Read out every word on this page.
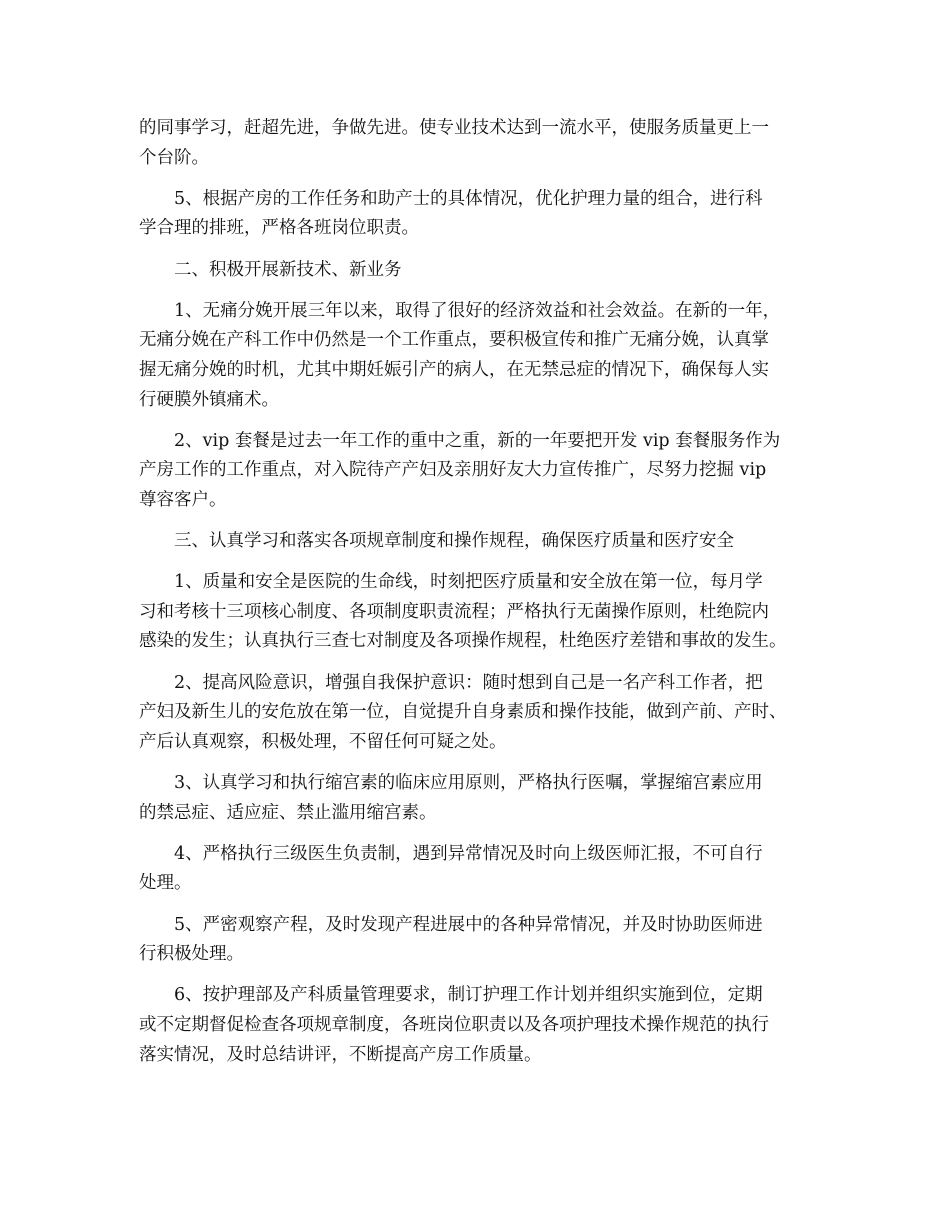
的同事学习，赶超先进，争做先进。使专业技术达到一流水平，使服务质量更上一
个台阶。
5、根据产房的工作任务和助产士的具体情况，优化护理力量的组合，进行科
学合理的排班，严格各班岗位职责。
二、积极开展新技术、新业务
1、无痛分娩开展三年以来，取得了很好的经济效益和社会效益。在新的一年，
无痛分娩在产科工作中仍然是一个工作重点，要积极宣传和推广无痛分娩，认真掌
握无痛分娩的时机，尤其中期妊娠引产的病人，在无禁忌症的情况下，确保每人实
行硬膜外镇痛术。
2、vip 套餐是过去一年工作的重中之重，新的一年要把开发 vip 套餐服务作为
产房工作的工作重点，对入院待产产妇及亲朋好友大力宣传推广，尽努力挖掘 vip
尊容客户。
三、认真学习和落实各项规章制度和操作规程，确保医疗质量和医疗安全
1、质量和安全是医院的生命线，时刻把医疗质量和安全放在第一位，每月学
习和考核十三项核心制度、各项制度职责流程；严格执行无菌操作原则，杜绝院内
感染的发生；认真执行三查七对制度及各项操作规程，杜绝医疗差错和事故的发生。
2、提高风险意识，增强自我保护意识：随时想到自己是一名产科工作者，把
产妇及新生儿的安危放在第一位，自觉提升自身素质和操作技能，做到产前、产时、
产后认真观察，积极处理，不留任何可疑之处。
3、认真学习和执行缩宫素的临床应用原则，严格执行医嘱，掌握缩宫素应用
的禁忌症、适应症、禁止滥用缩宫素。
4、严格执行三级医生负责制，遇到异常情况及时向上级医师汇报，不可自行
处理。
5、严密观察产程，及时发现产程进展中的各种异常情况，并及时协助医师进
行积极处理。
6、按护理部及产科质量管理要求，制订护理工作计划并组织实施到位，定期
或不定期督促检查各项规章制度，各班岗位职责以及各项护理技术操作规范的执行
落实情况，及时总结讲评，不断提高产房工作质量。
